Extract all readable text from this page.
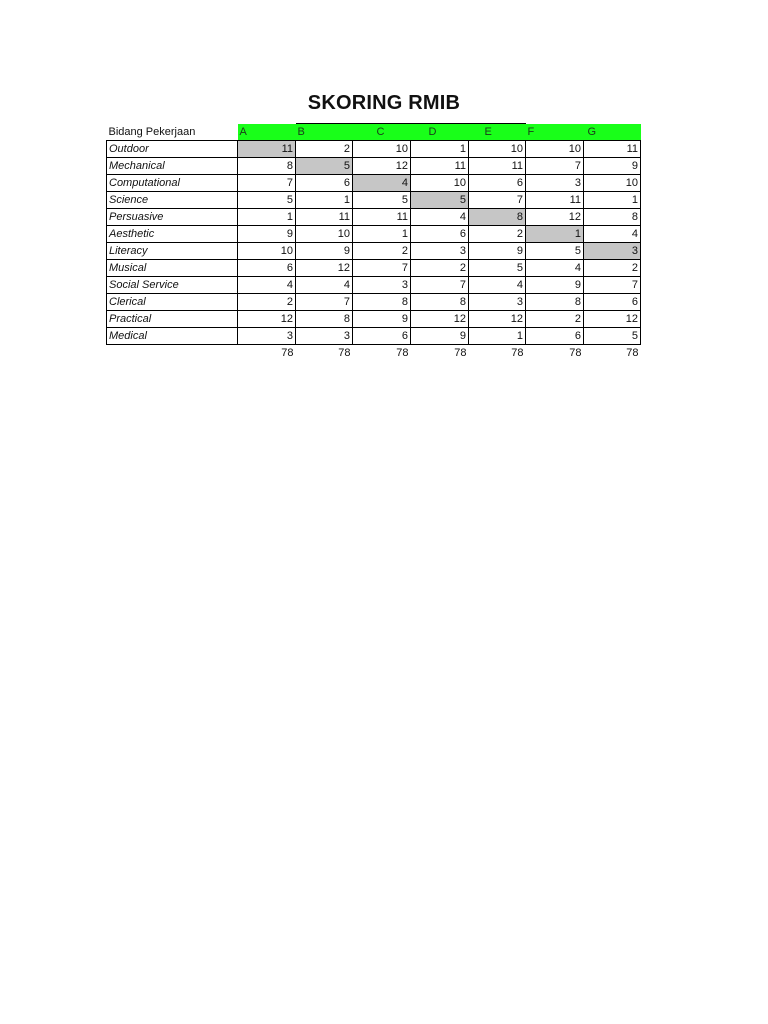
SKORING RMIB
Bidang Pekerjaan	A	B	C	D	E	F	G
Outdoor	11	2	10	1	10	10	11
Mechanical	8	5	12	11	11	7	9
Computational	7	6	4	10	6	3	10
Science	5	1	5	5	7	11	1
Persuasive	1	11	11	4	8	12	8
Aesthetic	9	10	1	6	2	1	4
Literacy	10	9	2	3	9	5	3
Musical	6	12	7	2	5	4	2
Social Service	4	4	3	7	4	9	7
Clerical	2	7	8	8	3	8	6
Practical	12	8	9	12	12	2	12
Medical	3	3	6	9	1	6	5
	78	78	78	78	78	78	78
